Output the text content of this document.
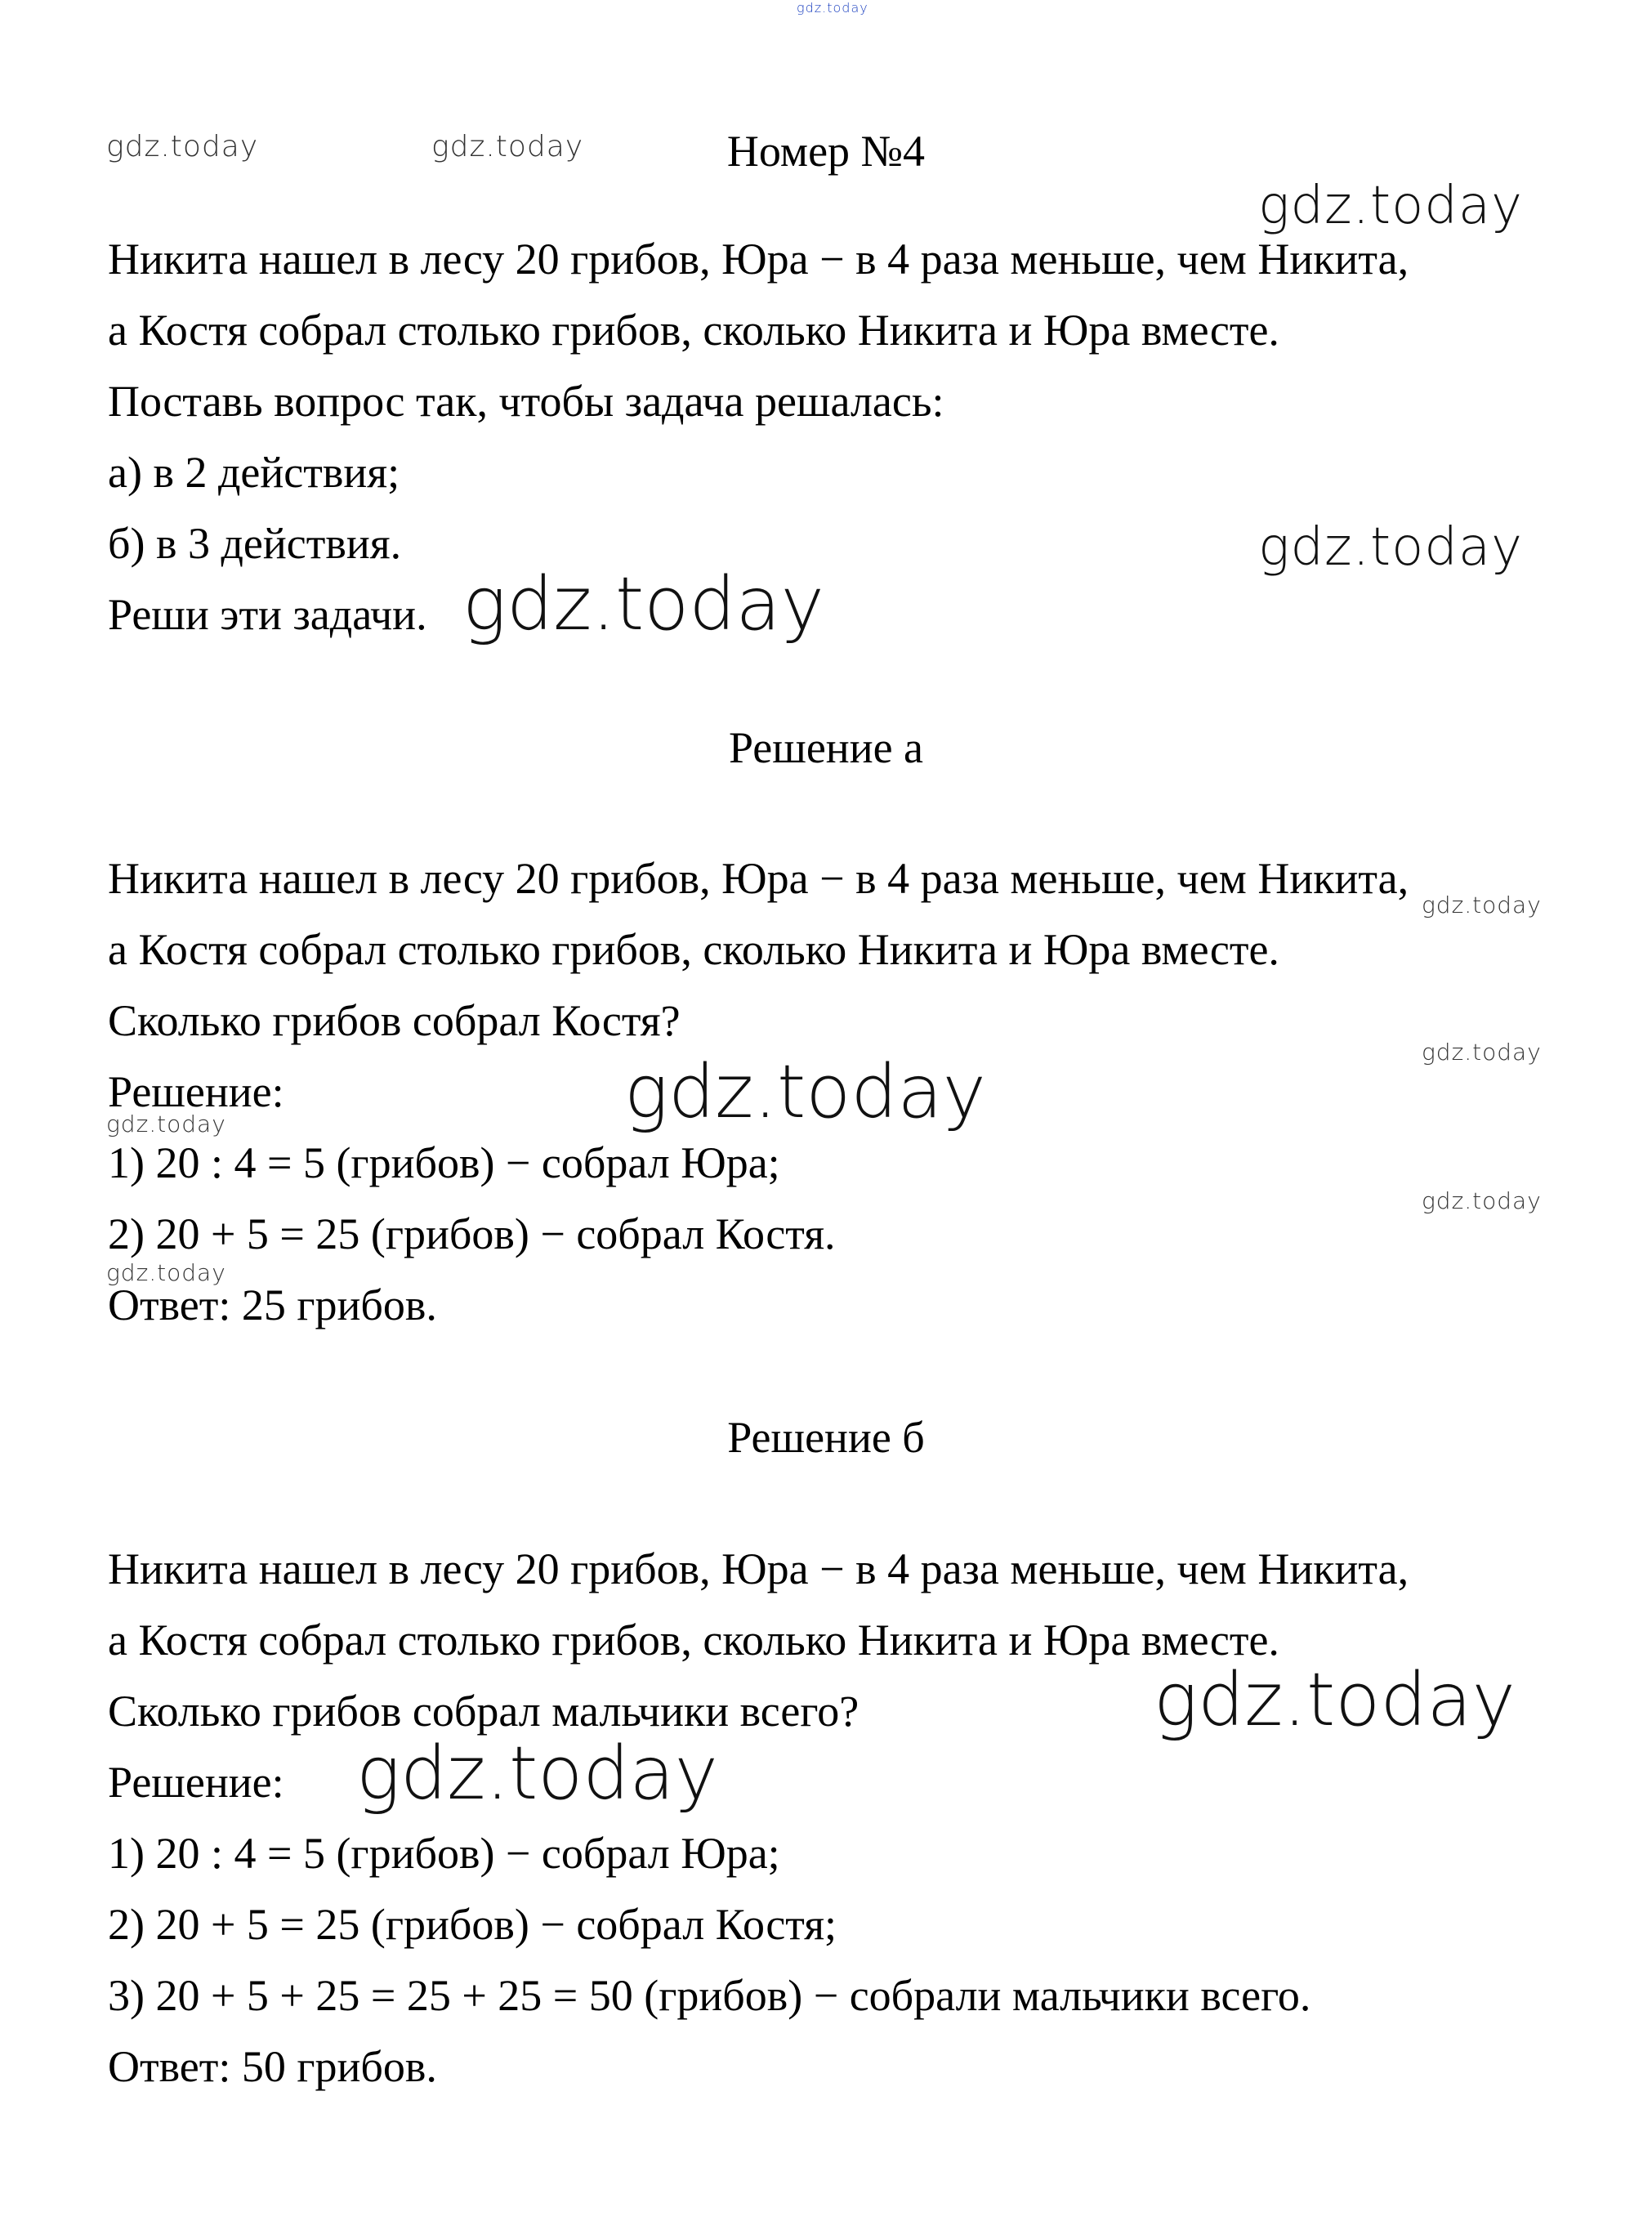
gdz.today
gdz.today	gdz.today
gdz.today
gdz.today
gdz.today
gdz.today
gdz.today
gdz.today
gdz.today
gdz.today
gdz.today
gdz.today
gdz.today
Номер №4
Никита нашел в лесу 20 грибов, Юра − в 4 раза меньше, чем Никита,
а Костя собрал столько грибов, сколько Никита и Юра вместе.
Поставь вопрос так, чтобы задача решалась:
а) в 2 действия;
б) в 3 действия.
Реши эти задачи.
Решение а
Никита нашел в лесу 20 грибов, Юра − в 4 раза меньше, чем Никита,
а Костя собрал столько грибов, сколько Никита и Юра вместе.
Сколько грибов собрал Костя?
Решение:
1) 20 : 4 = 5 (грибов) − собрал Юра;
2) 20 + 5 = 25 (грибов) − собрал Костя.
Ответ: 25 грибов.
Решение б
Никита нашел в лесу 20 грибов, Юра − в 4 раза меньше, чем Никита,
а Костя собрал столько грибов, сколько Никита и Юра вместе.
Сколько грибов собрал мальчики всего?
Решение:
1) 20 : 4 = 5 (грибов) − собрал Юра;
2) 20 + 5 = 25 (грибов) − собрал Костя;
3) 20 + 5 + 25 = 25 + 25 = 50 (грибов) − собрали мальчики всего.
Ответ: 50 грибов.
